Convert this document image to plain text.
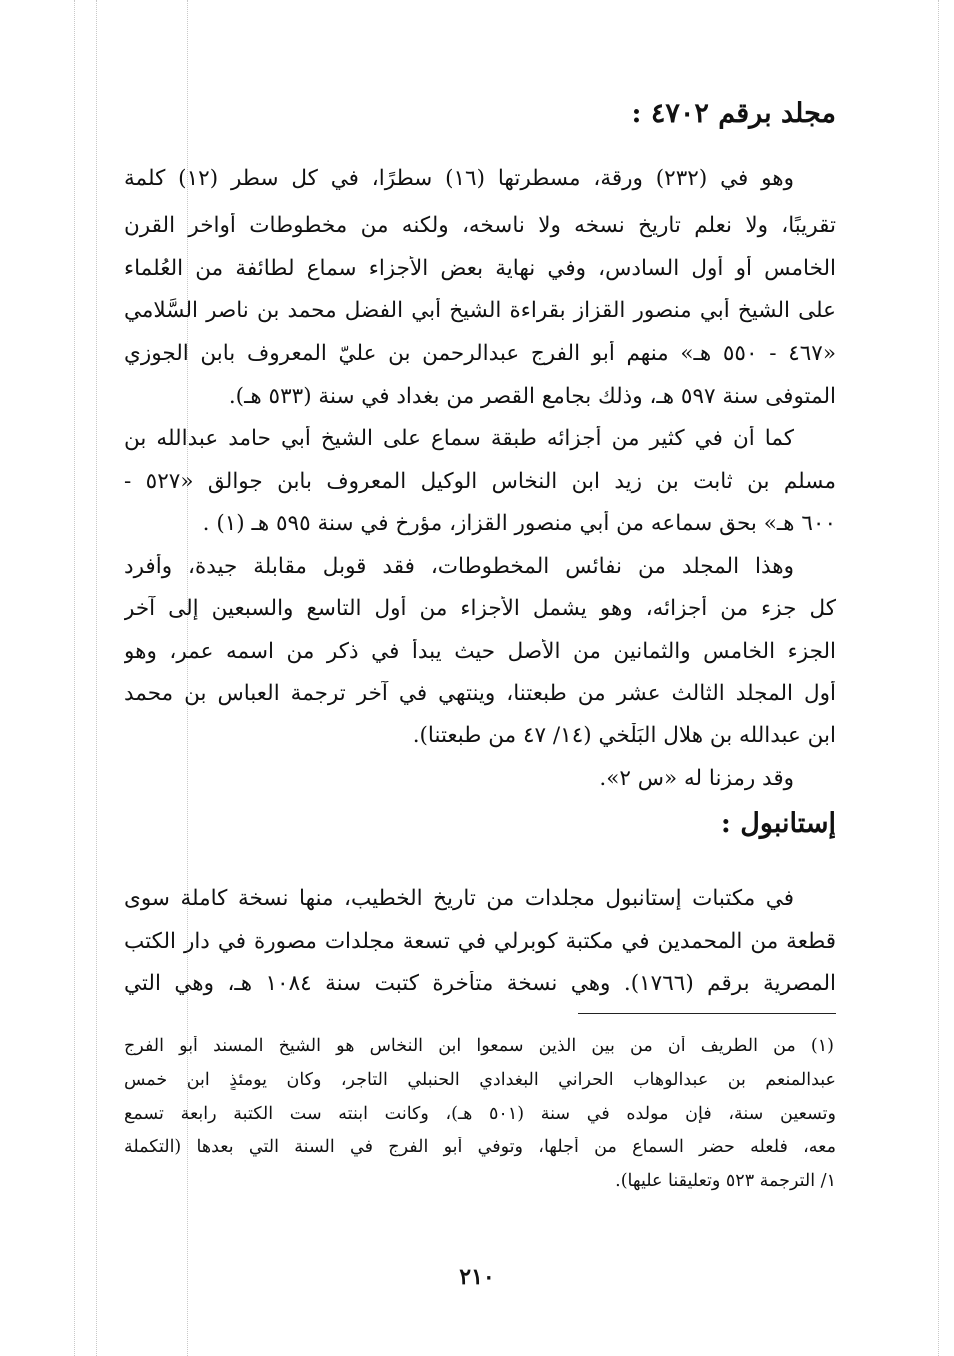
مجلد برقم ٤٧٠٢ :
وهو في (٢٣٢) ورقة، مسطرتها (١٦) سطرًا، في كل سطر (١٢) كلمة
تقريبًا، ولا نعلم تاريخ نسخه ولا ناسخه، ولكنه من مخطوطات أواخر القرن
الخامس أو أول السادس، وفي نهاية بعض الأجزاء سماع لطائفة من العُلماء
على الشيخ أبي منصور القزاز بقراءة الشيخ أبي الفضل محمد بن ناصر السَّلامي
«٤٦٧ - ٥٥٠ هـ» منهم أبو الفرج عبدالرحمن بن عليّ المعروف بابن الجوزي
المتوفى سنة ٥٩٧ هـ، وذلك بجامع القصر من بغداد في سنة (٥٣٣ هـ).
كما أن في كثير من أجزائه طبقة سماع على الشيخ أبي حامد عبدالله بن
مسلم بن ثابت بن زيد ابن النخاس الوكيل المعروف بابن جوالق «٥٢٧ -
٦٠٠ هـ» بحق سماعه من أبي منصور القزاز، مؤرخ في سنة ٥٩٥ هـ (١) .
وهذا المجلد من نفائس المخطوطات، فقد قوبل مقابلة جيدة، وأُفرد
كل جزء من أجزائه، وهو يشمل الأجزاء من أول التاسع والسبعين إلى آخر
الجزء الخامس والثمانين من الأصل حيث يبدأ في ذكر من اسمه عمر، وهو
أول المجلد الثالث عشر من طبعتنا، وينتهي في آخر ترجمة العباس بن محمد
ابن عبدالله بن هلال البَلْخي (١٤/ ٤٧ من طبعتنا).
وقد رمزنا له «س ٢».
إستانبول :
في مكتبات إستانبول مجلدات من تاريخ الخطيب، منها نسخة كاملة سوى
قطعة من المحمدين في مكتبة كوبرلي في تسعة مجلدات مصورة في دار الكتب
المصرية برقم (١٧٦٦). وهي نسخة متأخرة كتبت سنة ١٠٨٤ هـ، وهي التي
(١) من الطريف أن من بين الذين سمعوا ابن النخاس هو الشيخ المسند أبو الفرج
عبدالمنعم بن عبدالوهاب الحراني البغدادي الحنبلي التاجر، وكان يومئذٍ ابن خمس
وتسعين سنة، فإن مولده في سنة (٥٠١ هـ)، وكانت ابنته ست الكتبة رابعة تسمع
معه، فلعله حضر السماع من أجلها، وتوفي أبو الفرج في السنة التي بعدها (التكملة
١/ الترجمة ٥٢٣ وتعليقنا عليها).
٢١٠
